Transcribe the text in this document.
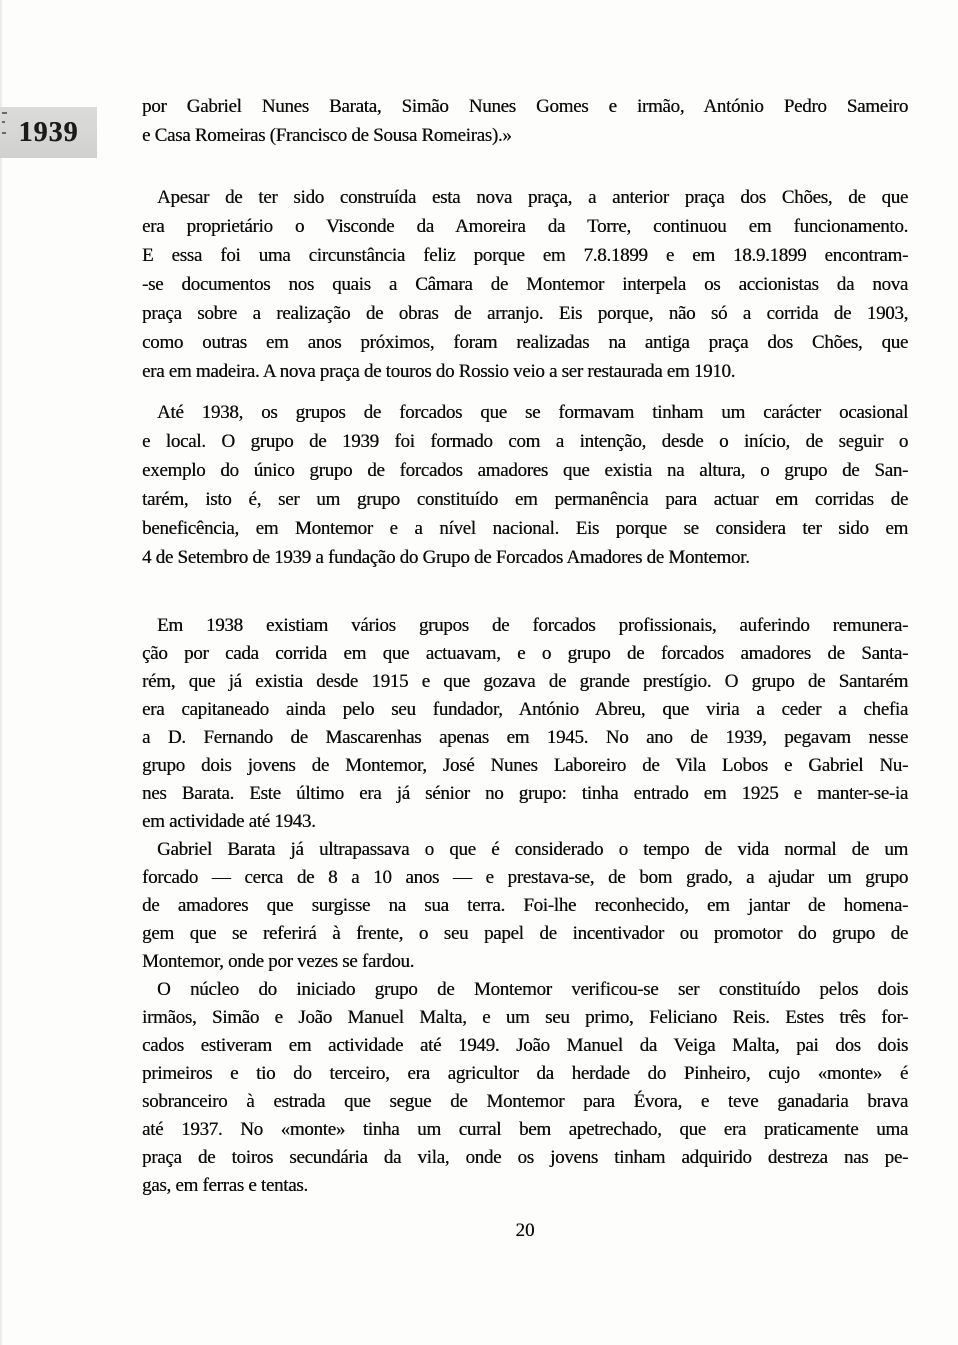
1939
por Gabriel Nunes Barata, Simão Nunes Gomes e irmão, António Pedro Sameiro
e Casa Romeiras (Francisco de Sousa Romeiras).»
Apesar de ter sido construída esta nova praça, a anterior praça dos Chões, de que
era proprietário o Visconde da Amoreira da Torre, continuou em funcionamento.
E essa foi uma circunstância feliz porque em 7.8.1899 e em 18.9.1899 encontram-
-se documentos nos quais a Câmara de Montemor interpela os accionistas da nova
praça sobre a realização de obras de arranjo. Eis porque, não só a corrida de 1903,
como outras em anos próximos, foram realizadas na antiga praça dos Chões, que
era em madeira. A nova praça de touros do Rossio veio a ser restaurada em 1910.
Até 1938, os grupos de forcados que se formavam tinham um carácter ocasional
e local. O grupo de 1939 foi formado com a intenção, desde o início, de seguir o
exemplo do único grupo de forcados amadores que existia na altura, o grupo de San-
tarém, isto é, ser um grupo constituído em permanência para actuar em corridas de
beneficência, em Montemor e a nível nacional. Eis porque se considera ter sido em
4 de Setembro de 1939 a fundação do Grupo de Forcados Amadores de Montemor.
Em 1938 existiam vários grupos de forcados profissionais, auferindo remunera-
ção por cada corrida em que actuavam, e o grupo de forcados amadores de Santa-
rém, que já existia desde 1915 e que gozava de grande prestígio. O grupo de Santarém
era capitaneado ainda pelo seu fundador, António Abreu, que viria a ceder a chefia
a D. Fernando de Mascarenhas apenas em 1945. No ano de 1939, pegavam nesse
grupo dois jovens de Montemor, José Nunes Laboreiro de Vila Lobos e Gabriel Nu-
nes Barata. Este último era já sénior no grupo: tinha entrado em 1925 e manter-se-ia
em actividade até 1943.
Gabriel Barata já ultrapassava o que é considerado o tempo de vida normal de um
forcado — cerca de 8 a 10 anos — e prestava-se, de bom grado, a ajudar um grupo
de amadores que surgisse na sua terra. Foi-lhe reconhecido, em jantar de homena-
gem que se referirá à frente, o seu papel de incentivador ou promotor do grupo de
Montemor, onde por vezes se fardou.
O núcleo do iniciado grupo de Montemor verificou-se ser constituído pelos dois
irmãos, Simão e João Manuel Malta, e um seu primo, Feliciano Reis. Estes três for-
cados estiveram em actividade até 1949. João Manuel da Veiga Malta, pai dos dois
primeiros e tio do terceiro, era agricultor da herdade do Pinheiro, cujo «monte» é
sobranceiro à estrada que segue de Montemor para Évora, e teve ganadaria brava
até 1937. No «monte» tinha um curral bem apetrechado, que era praticamente uma
praça de toiros secundária da vila, onde os jovens tinham adquirido destreza nas pe-
gas, em ferras e tentas.
20
